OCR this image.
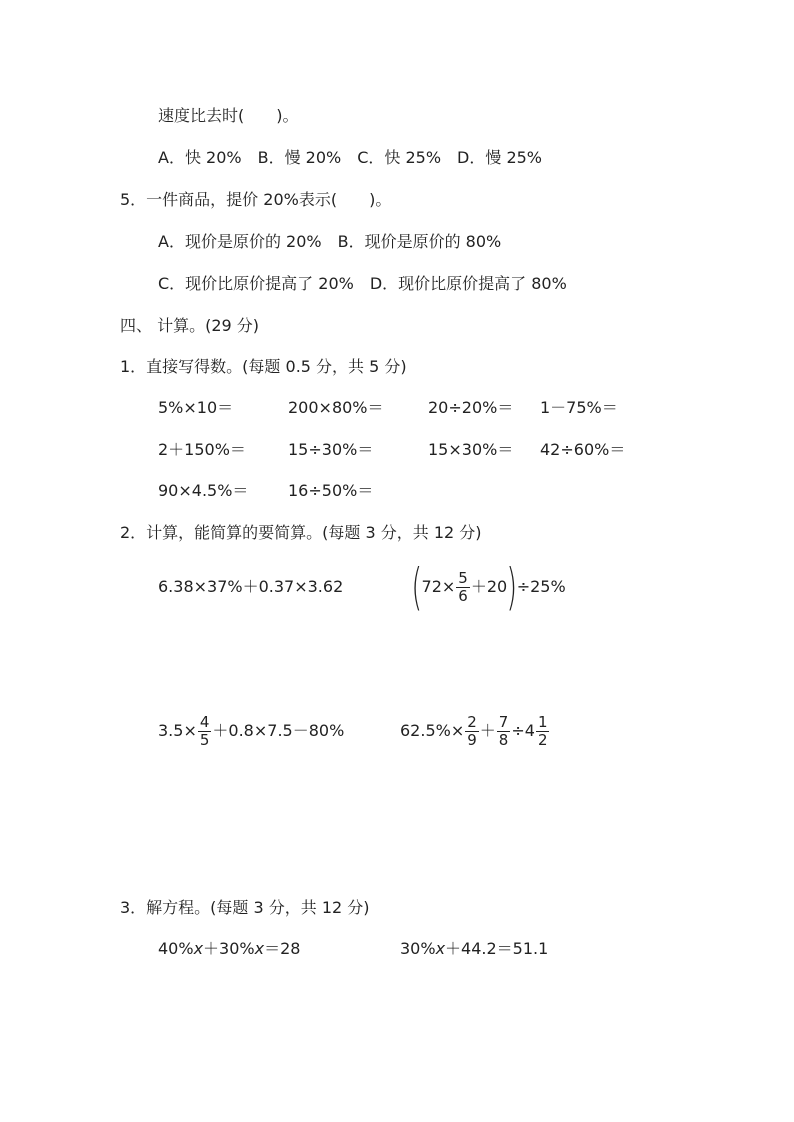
速度比去时(　　)。
A．快 20%　B．慢 20%　C．快 25%　D．慢 25%
5．一件商品，提价 20%表示(　　)。
A．现价是原价的 20%　B．现价是原价的 80%
C．现价比原价提高了 20%　D．现价比原价提高了 80%
四、 计算。(29 分)
1．直接写得数。(每题 0.5 分，共 5 分)
5%×10＝	200×80%＝	20÷20%＝ 1－75%＝
2＋150%＝	15÷30%＝	15×30%＝ 42÷60%＝
90×4.5%＝ 16÷50%＝
2．计算，能简算的要简算。(每题 3 分，共 12 分)
6.38×37%＋0.37×3.62 ( $72\times \frac{5}{6} +20$ ) ÷25%
$3.5\times \frac{4}{5} +0.8\times 7.5-80\%$	$62.5\%\times \frac{2}{9} + \frac{7}{8} \div 4 \frac{1}{2}$
3．解方程。(每题 3 分，共 12 分)
40%x＋30%x＝28	30%x＋44.2＝51.1
